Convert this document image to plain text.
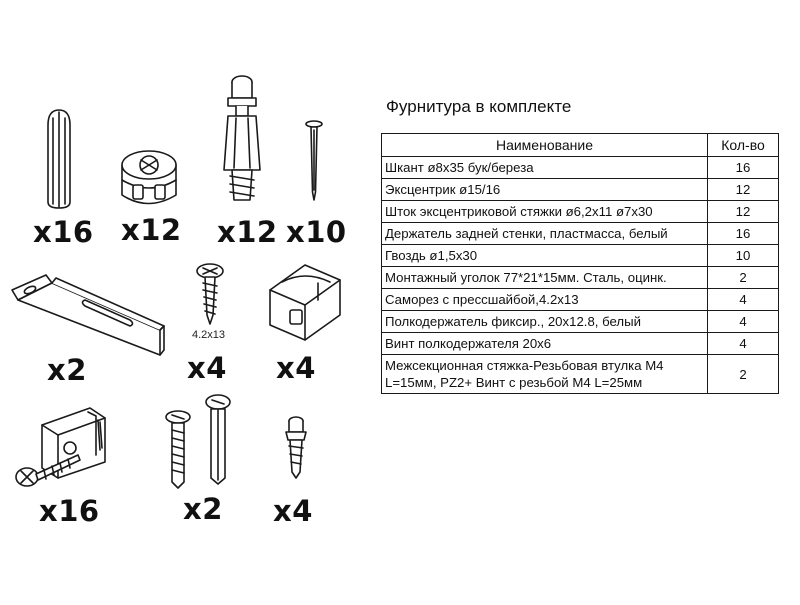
x16 x12 x12 x10
x2
4.2x13
x4 x4
x16	x2 x4
Фурнитура в комплекте
Наименование	Кол-во
Шкант ø8x35 бук/береза	16
Эксцентрик ø15/16	12
Шток эксцентриковой стяжки ø6,2x11 ø7x30	12
Держатель задней стенки, пластмасса, белый	16
Гвоздь ø1,5x30	10
Монтажный уголок 77*21*15мм. Сталь, оцинк.	2
Саморез с прессшайбой,4.2x13	4
Полкодержатель фиксир., 20x12.8, белый	4
Винт полкодержателя 20x6	4
Межсекционная стяжка-Резьбовая втулка М4 L=15мм, PZ2+ Винт с резьбой М4 L=25мм	2
